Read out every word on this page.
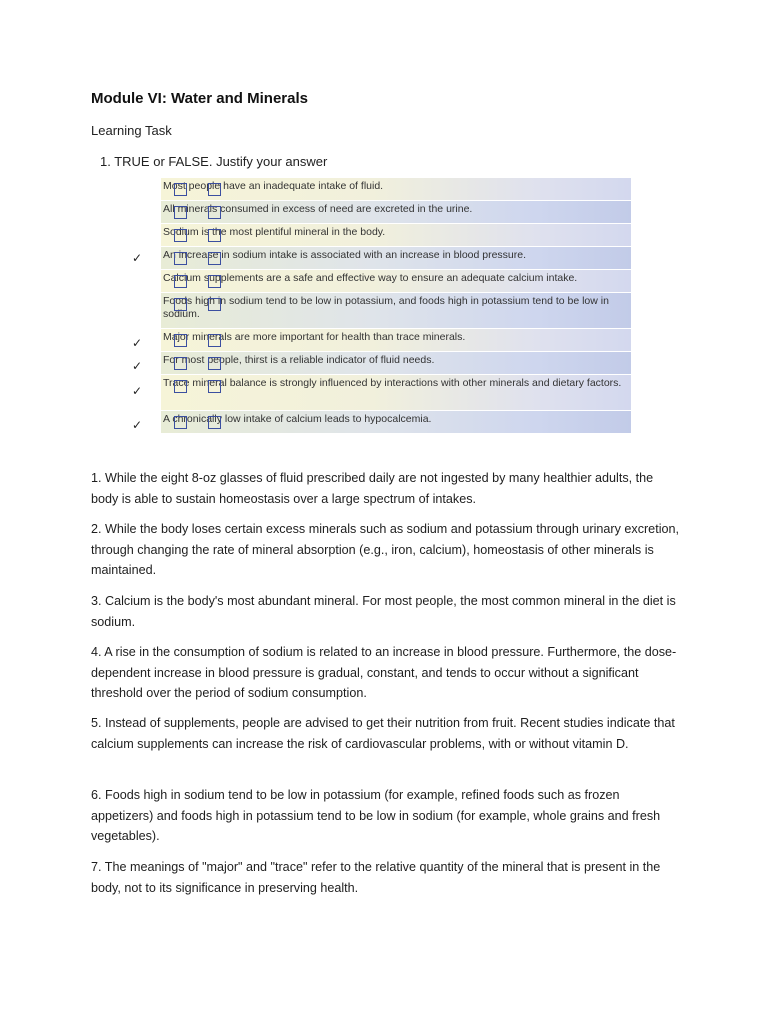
Module VI: Water and Minerals
Learning Task
1. TRUE or FALSE. Justify your answer
Most people have an inadequate intake of fluid.
All minerals consumed in excess of need are excreted in the urine.
Sodium is the most plentiful mineral in the body.
An increase in sodium intake is associated with an increase in blood pressure.
Calcium supplements are a safe and effective way to ensure an adequate calcium intake.
Foods high in sodium tend to be low in potassium, and foods high in potassium tend to be low in sodium.
Major minerals are more important for health than trace minerals.
For most people, thirst is a reliable indicator of fluid needs.
Trace mineral balance is strongly influenced by interactions with other minerals and dietary factors.
A chronically low intake of calcium leads to hypocalcemia.
✓
✓
✓
✓
✓
1. While the eight 8-oz glasses of fluid prescribed daily are not ingested by many healthier adults, the body is able to sustain homeostasis over a large spectrum of intakes.
2. While the body loses certain excess minerals such as sodium and potassium through urinary excretion, through changing the rate of mineral absorption (e.g., iron, calcium), homeostasis of other minerals is maintained.
3. Calcium is the body's most abundant mineral. For most people, the most common mineral in the diet is sodium.
4. A rise in the consumption of sodium is related to an increase in blood pressure. Furthermore, the dose-dependent increase in blood pressure is gradual, constant, and tends to occur without a significant threshold over the period of sodium consumption.
5. Instead of supplements, people are advised to get their nutrition from fruit. Recent studies indicate that calcium supplements can increase the risk of cardiovascular problems, with or without vitamin D.
6. Foods high in sodium tend to be low in potassium (for example, refined foods such as frozen appetizers) and foods high in potassium tend to be low in sodium (for example, whole grains and fresh vegetables).
7. The meanings of "major" and "trace" refer to the relative quantity of the mineral that is present in the body, not to its significance in preserving health.
